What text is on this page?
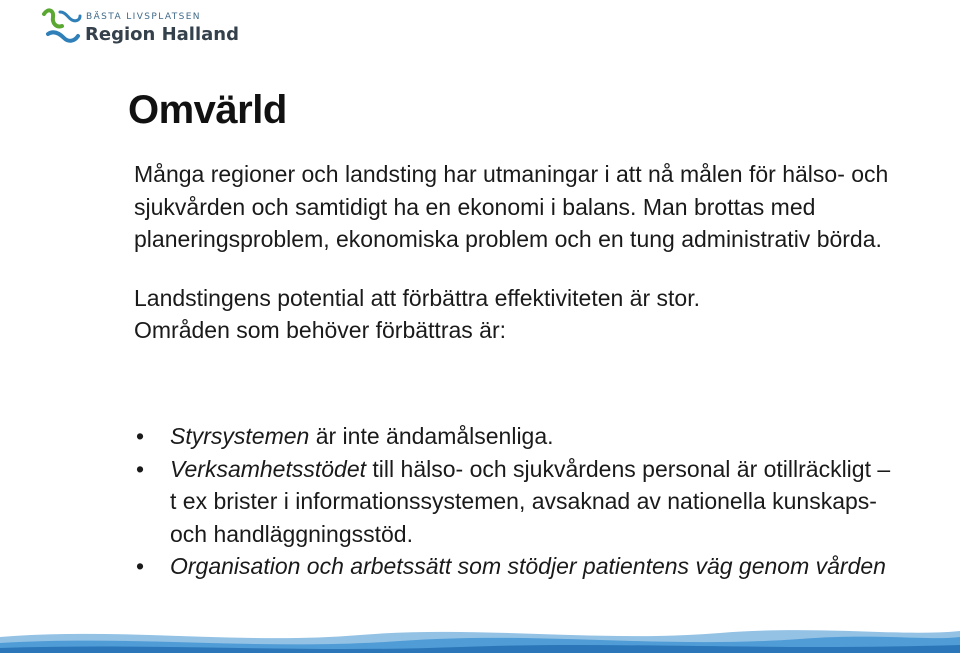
BÄSTA LIVSPLATSEN
Region Halland
Omvärld

Många regioner och landsting har utmaningar i att nå målen för hälso- och sjukvården och samtidigt ha en ekonomi i balans. Man brottas med planeringsproblem, ekonomiska problem och en tung administrativ börda.

Landstingens potential att förbättra effektiviteten är stor.
Områden som behöver förbättras är:

• Styrsystemen är inte ändamålsenliga.
• Verksamhetsstödet till hälso- och sjukvårdens personal är otillräckligt – t ex brister i informationssystemen, avsaknad av nationella kunskaps- och handläggningsstöd.
• Organisation och arbetssätt som stödjer patientens väg genom vården
